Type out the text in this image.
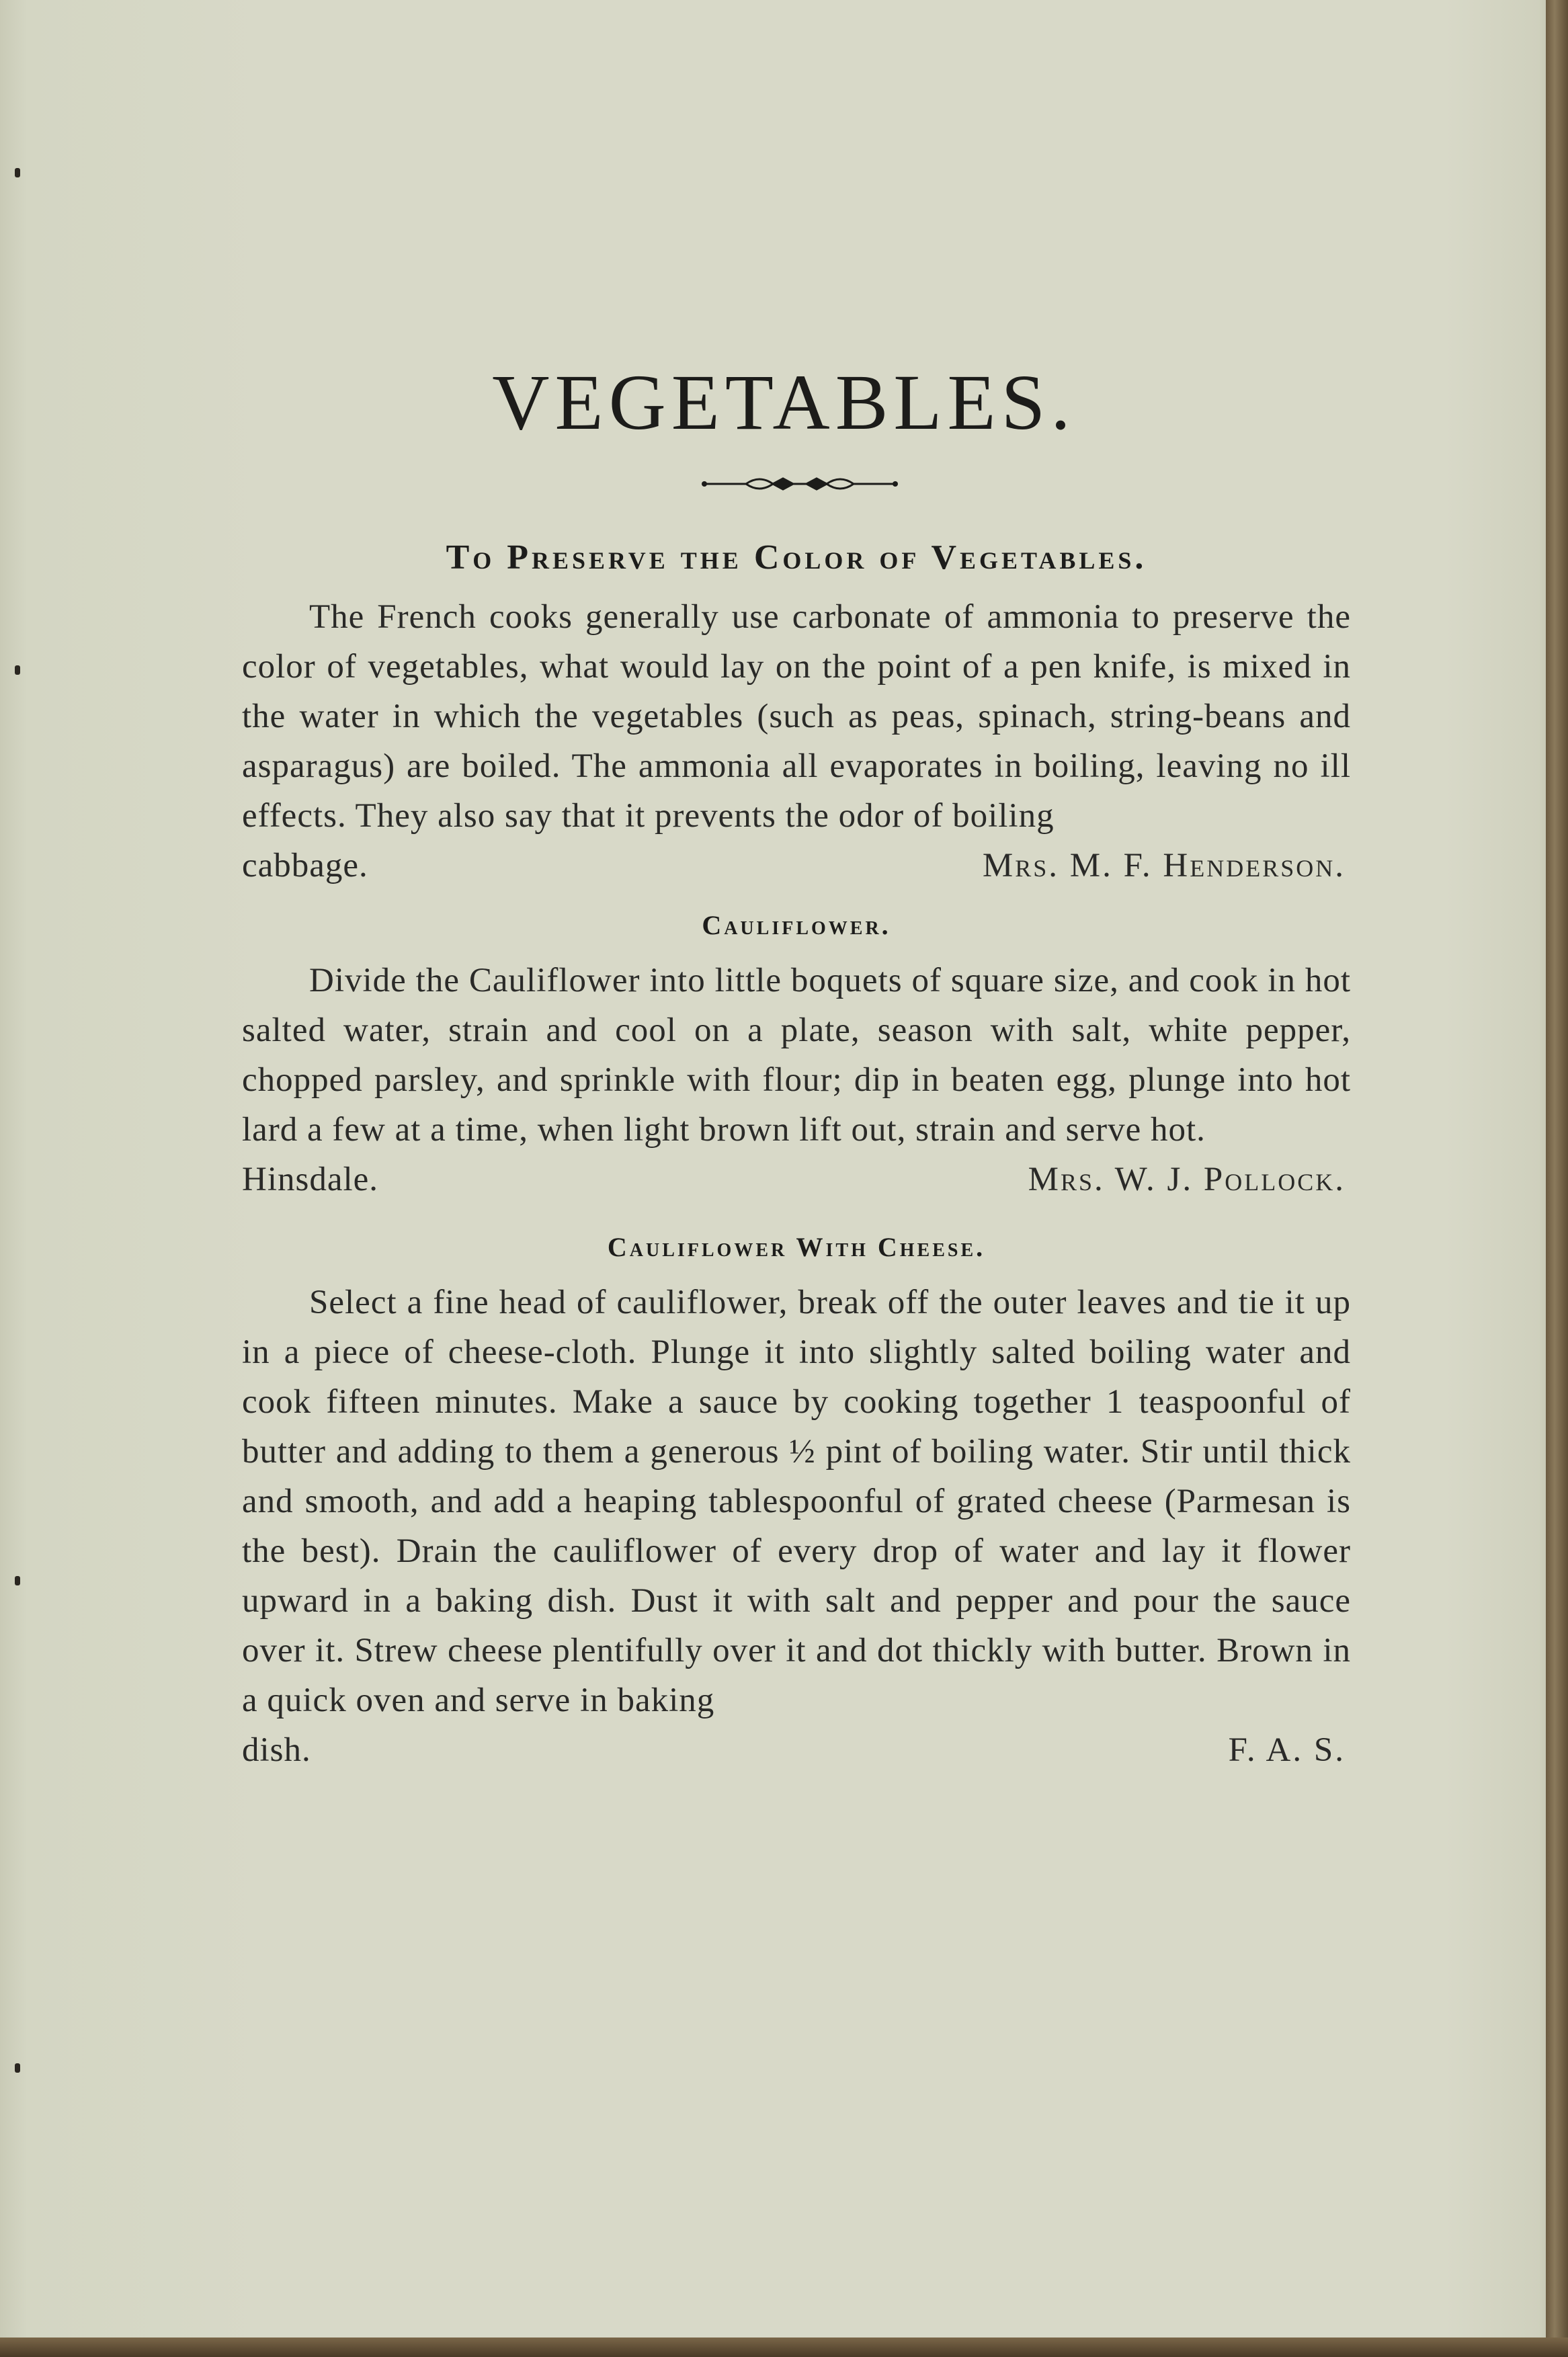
VEGETABLES.

To Preserve the Color of Vegetables.

The French cooks generally use carbonate of ammonia to preserve the color of vegetables, what would lay on the point of a pen knife, is mixed in the water in which the vegetables (such as peas, spinach, string-beans and asparagus) are boiled. The ammonia all evaporates in boiling, leaving no ill effects. They also say that it prevents the odor of boiling

cabbage.	Mrs. M. F. Henderson.

Cauliflower.

Divide the Cauliflower into little boquets of square size, and cook in hot salted water, strain and cool on a plate, season with salt, white pepper, chopped parsley, and sprinkle with flour; dip in beaten egg, plunge into hot lard a few at a time, when light brown lift out, strain and serve hot.

Hinsdale.	Mrs. W. J. Pollock.

Cauliflower With Cheese.

Select a fine head of cauliflower, break off the outer leaves and tie it up in a piece of cheese-cloth. Plunge it into slightly salted boiling water and cook fifteen minutes. Make a sauce by cooking together 1 teaspoonful of butter and adding to them a generous ½ pint of boiling water. Stir until thick and smooth, and add a heaping tablespoonful of grated cheese (Parmesan is the best). Drain the cauliflower of every drop of water and lay it flower upward in a baking dish. Dust it with salt and pepper and pour the sauce over it. Strew cheese plentifully over it and dot thickly with butter. Brown in a quick oven and serve in baking

dish.	F. A. S.
